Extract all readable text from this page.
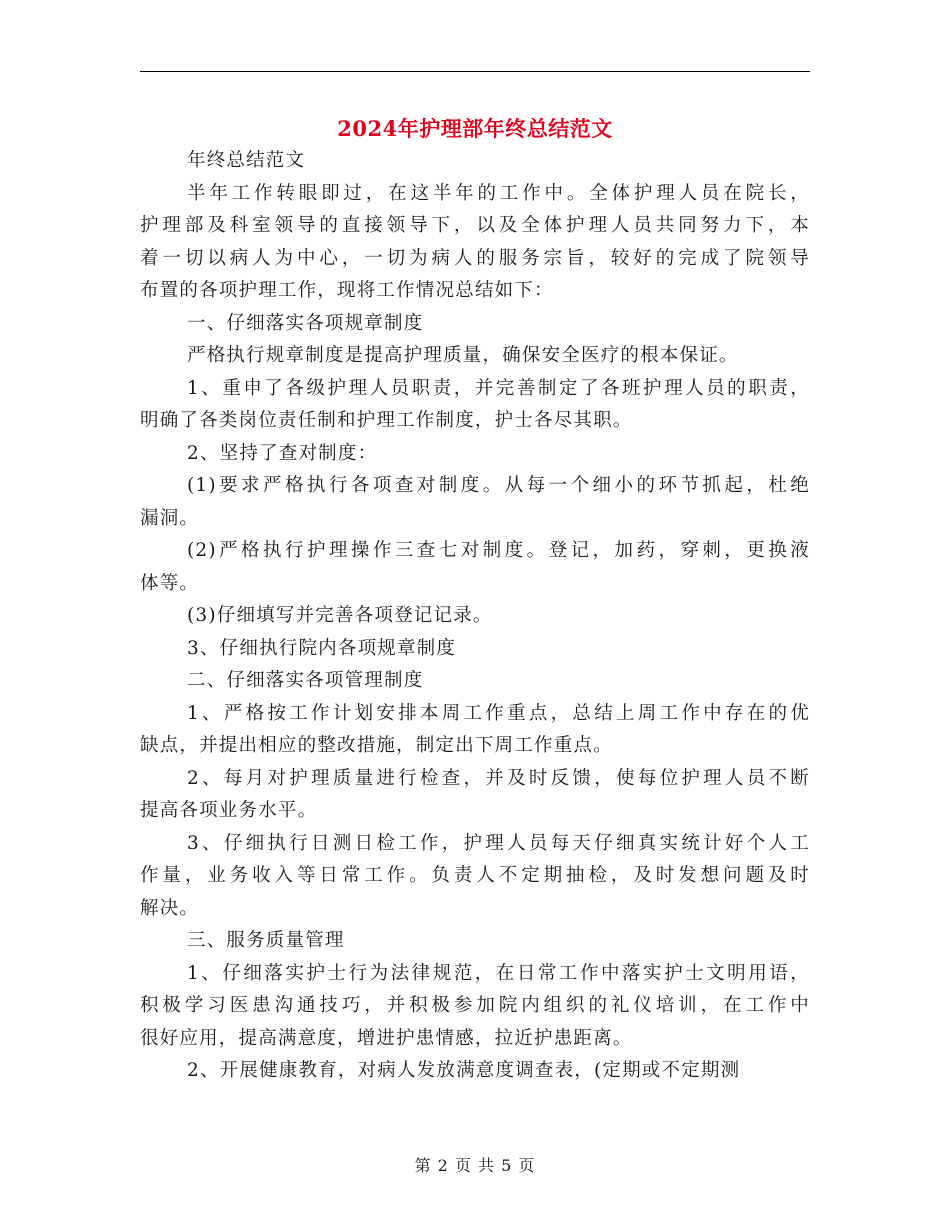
2024年护理部年终总结范文
年终总结范文
半年工作转眼即过，在这半年的工作中。全体护理人员在院长，
护理部及科室领导的直接领导下，以及全体护理人员共同努力下，本
着一切以病人为中心，一切为病人的服务宗旨，较好的完成了院领导
布置的各项护理工作，现将工作情况总结如下：
一、仔细落实各项规章制度
严格执行规章制度是提高护理质量，确保安全医疗的根本保证。
1、重申了各级护理人员职责，并完善制定了各班护理人员的职责，
明确了各类岗位责任制和护理工作制度，护士各尽其职。
2、坚持了查对制度：
(1)要求严格执行各项查对制度。从每一个细小的环节抓起，杜绝
漏洞。
(2)严格执行护理操作三查七对制度。登记，加药，穿刺，更换液
体等。
(3)仔细填写并完善各项登记记录。
3、仔细执行院内各项规章制度
二、仔细落实各项管理制度
1、严格按工作计划安排本周工作重点，总结上周工作中存在的优
缺点，并提出相应的整改措施，制定出下周工作重点。
2、每月对护理质量进行检查，并及时反馈，使每位护理人员不断
提高各项业务水平。
3、仔细执行日测日检工作，护理人员每天仔细真实统计好个人工
作量，业务收入等日常工作。负责人不定期抽检，及时发想问题及时
解决。
三、服务质量管理
1、仔细落实护士行为法律规范，在日常工作中落实护士文明用语，
积极学习医患沟通技巧，并积极参加院内组织的礼仪培训，在工作中
很好应用，提高满意度，增进护患情感，拉近护患距离。
2、开展健康教育，对病人发放满意度调查表，(定期或不定期测
第 2 页 共 5 页
